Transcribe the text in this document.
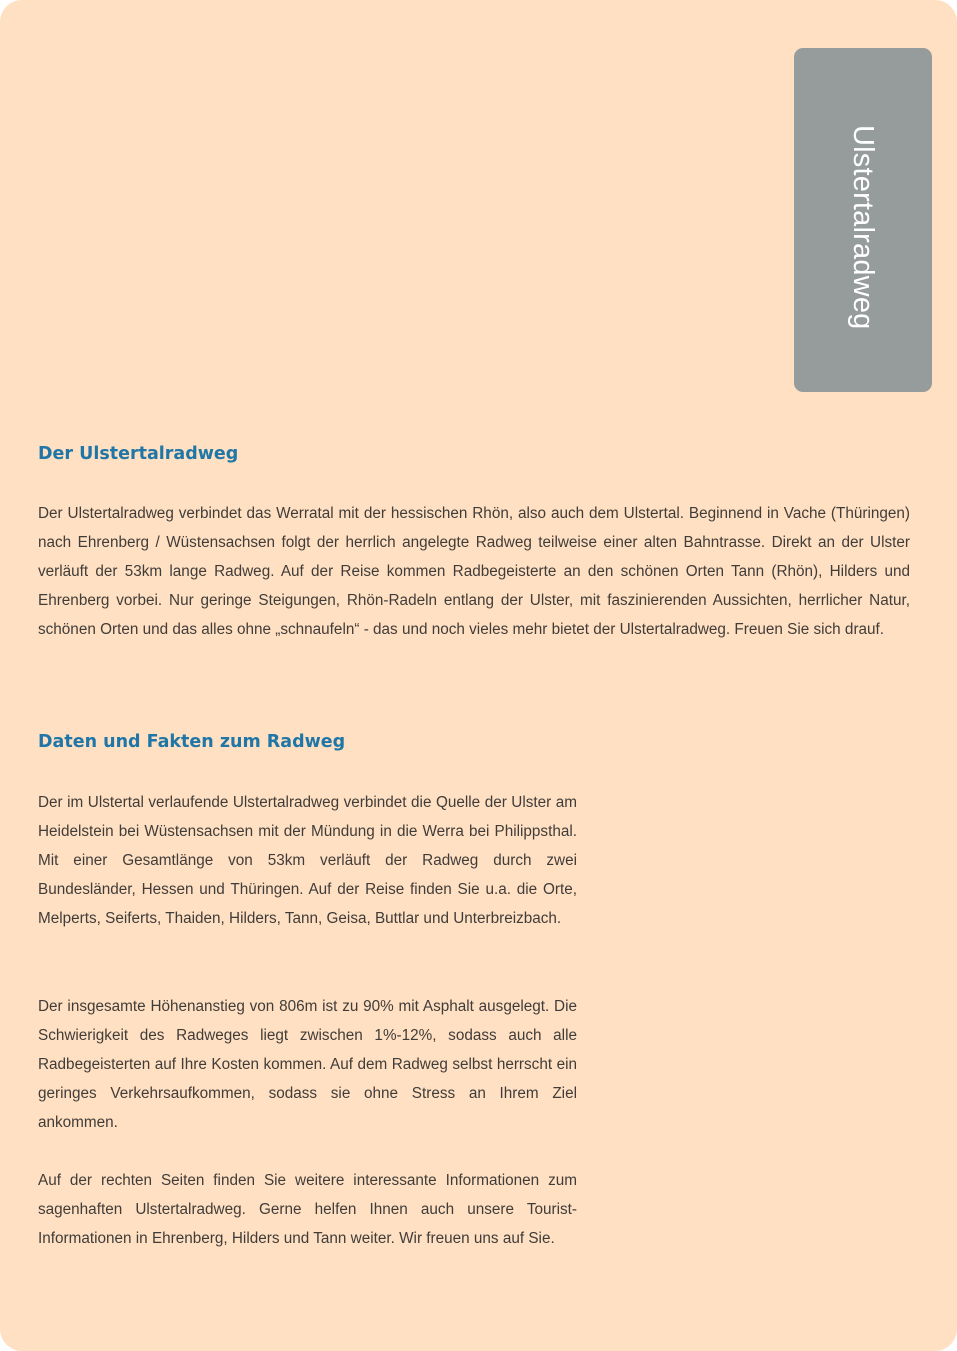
Ulstertalradweg
Der Ulstertalradweg

Der Ulstertalradweg verbindet das Werratal mit der hessischen Rhön, also auch dem Ulstertal. Beginnend in Vache (Thüringen) nach Ehrenberg / Wüstensachsen folgt der herrlich angelegte Radweg teilweise einer alten Bahntrasse. Direkt an der Ulster verläuft der 53km lange Radweg. Auf der Reise kommen Radbegeisterte an den schönen Orten Tann (Rhön), Hilders und Ehrenberg vorbei. Nur geringe Steigungen, Rhön-Radeln entlang der Ulster, mit faszinierenden Aussichten, herrlicher Natur, schönen Orten und das alles ohne „schnaufeln“ - das und noch vieles mehr bietet der Ulstertalradweg. Freuen Sie sich drauf.

Daten und Fakten zum Radweg

Der im Ulstertal verlaufende Ulstertalradweg verbindet die Quelle der Ulster am Heidelstein bei Wüstensachsen mit der Mündung in die Werra bei Philippsthal. Mit einer Gesamtlänge von 53km verläuft der Radweg durch zwei Bundesländer, Hessen und Thüringen. Auf der Reise finden Sie u.a. die Orte, Melperts, Seiferts, Thaiden, Hilders, Tann, Geisa, Buttlar und Unterbreizbach.

Der insgesamte Höhenanstieg von 806m ist zu 90% mit Asphalt ausgelegt. Die Schwierigkeit des Radweges liegt zwischen 1%-12%, sodass auch alle Radbegeisterten auf Ihre Kosten kommen. Auf dem Radweg selbst herrscht ein geringes Verkehrsaufkommen, sodass sie ohne Stress an Ihrem Ziel ankommen.

Auf der rechten Seiten finden Sie weitere interessante Informationen zum sagenhaften Ulstertalradweg. Gerne helfen Ihnen auch unsere Tourist-Informationen in Ehrenberg, Hilders und Tann weiter. Wir freuen uns auf Sie.
